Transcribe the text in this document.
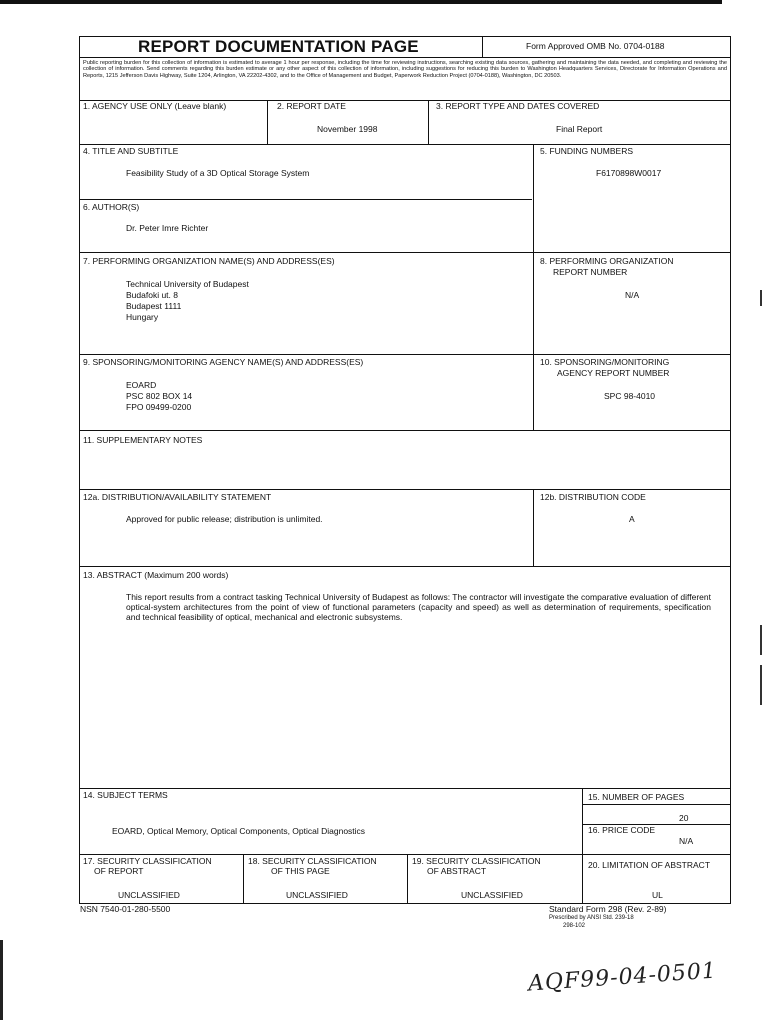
REPORT DOCUMENTATION PAGE	Form Approved OMB No. 0704-0188
Public reporting burden for this collection of information is estimated to average 1 hour per response, including the time for reviewing instructions, searching existing data sources, gathering and maintaining the data needed, and completing and reviewing the collection of information. Send comments regarding this burden estimate or any other aspect of this collection of information, including suggestions for reducing this burden to Washington Headquarters Services, Directorate for Information Operations and Reports, 1215 Jefferson Davis Highway, Suite 1204, Arlington, VA 22202-4302, and to the Office of Management and Budget, Paperwork Reduction Project (0704-0188), Washington, DC 20503.
1. AGENCY USE ONLY (Leave blank)	2. REPORT DATE
November 1998
3. REPORT TYPE AND DATES COVERED
Final Report
4. TITLE AND SUBTITLE
Feasibility Study of a 3D Optical Storage System
5. FUNDING NUMBERS
F6170898W0017
6. AUTHOR(S)
Dr. Peter Imre Richter
7. PERFORMING ORGANIZATION NAME(S) AND ADDRESS(ES)
Technical University of Budapest
Budafoki ut. 8
Budapest 1111
Hungary
8. PERFORMING ORGANIZATION
REPORT NUMBER
N/A
9. SPONSORING/MONITORING AGENCY NAME(S) AND ADDRESS(ES)
EOARD
PSC 802 BOX 14
FPO 09499-0200
10. SPONSORING/MONITORING
AGENCY REPORT NUMBER
SPC 98-4010
11. SUPPLEMENTARY NOTES
12a. DISTRIBUTION/AVAILABILITY STATEMENT
Approved for public release; distribution is unlimited.
12b. DISTRIBUTION CODE
A
13. ABSTRACT (Maximum 200 words)
This report results from a contract tasking Technical University of Budapest as follows: The contractor will investigate the comparative evaluation of different optical-system architectures from the point of view of functional parameters (capacity and speed) as well as determination of requirements, specification and technical feasibility of optical, mechanical and electronic subsystems.
14. SUBJECT TERMS
EOARD, Optical Memory, Optical Components, Optical Diagnostics
15. NUMBER OF PAGES
20
16. PRICE CODE
N/A
17. SECURITY CLASSIFICATION
OF REPORT
UNCLASSIFIED
18. SECURITY CLASSIFICATION
OF THIS PAGE
UNCLASSIFIED
19. SECURITY CLASSIFICATION
OF ABSTRACT
UNCLASSIFIED
20. LIMITATION OF ABSTRACT
UL
NSN 7540-01-280-5500	Standard Form 298 (Rev. 2-89)
Prescribed by ANSI Std. 239-18
298-102
AQF99-04-0501
